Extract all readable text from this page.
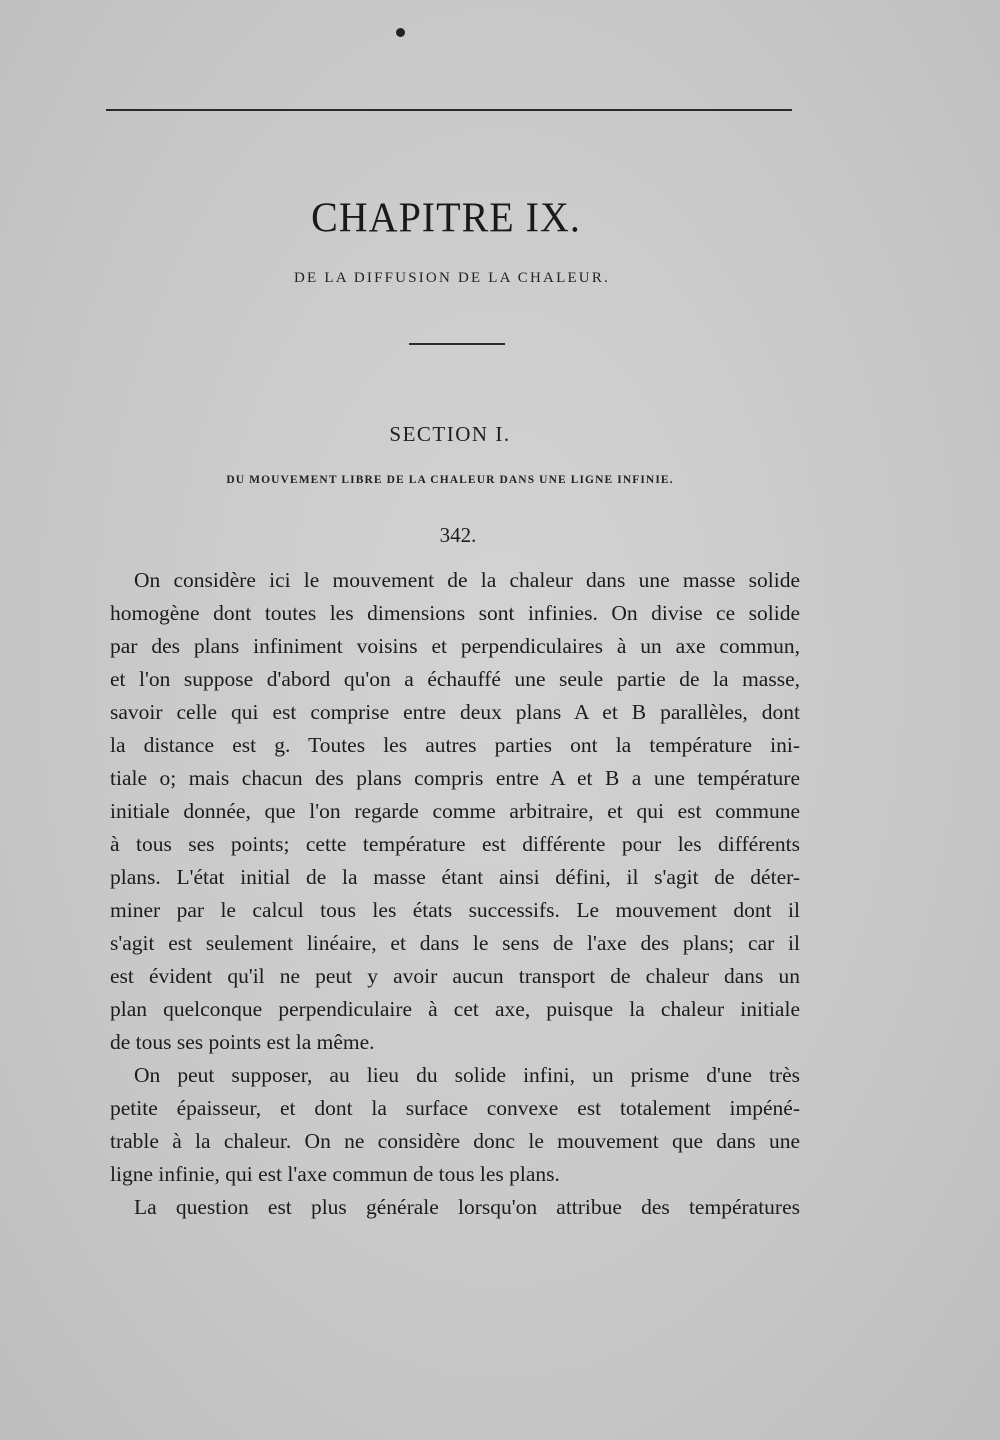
CHAPITRE IX.
DE LA DIFFUSION DE LA CHALEUR.
SECTION I.
DU MOUVEMENT LIBRE DE LA CHALEUR DANS UNE LIGNE INFINIE.
342.
On considère ici le mouvement de la chaleur dans une masse solide
homogène dont toutes les dimensions sont infinies. On divise ce solide
par des plans infiniment voisins et perpendiculaires à un axe commun,
et l'on suppose d'abord qu'on a échauffé une seule partie de la masse,
savoir celle qui est comprise entre deux plans A et B parallèles, dont
la distance est g. Toutes les autres parties ont la température ini-
tiale o; mais chacun des plans compris entre A et B a une température
initiale donnée, que l'on regarde comme arbitraire, et qui est commune
à tous ses points; cette température est différente pour les différents
plans. L'état initial de la masse étant ainsi défini, il s'agit de déter-
miner par le calcul tous les états successifs. Le mouvement dont il
s'agit est seulement linéaire, et dans le sens de l'axe des plans; car il
est évident qu'il ne peut y avoir aucun transport de chaleur dans un
plan quelconque perpendiculaire à cet axe, puisque la chaleur initiale
de tous ses points est la même.
On peut supposer, au lieu du solide infini, un prisme d'une très
petite épaisseur, et dont la surface convexe est totalement impéné-
trable à la chaleur. On ne considère donc le mouvement que dans une
ligne infinie, qui est l'axe commun de tous les plans.
La question est plus générale lorsqu'on attribue des températures
